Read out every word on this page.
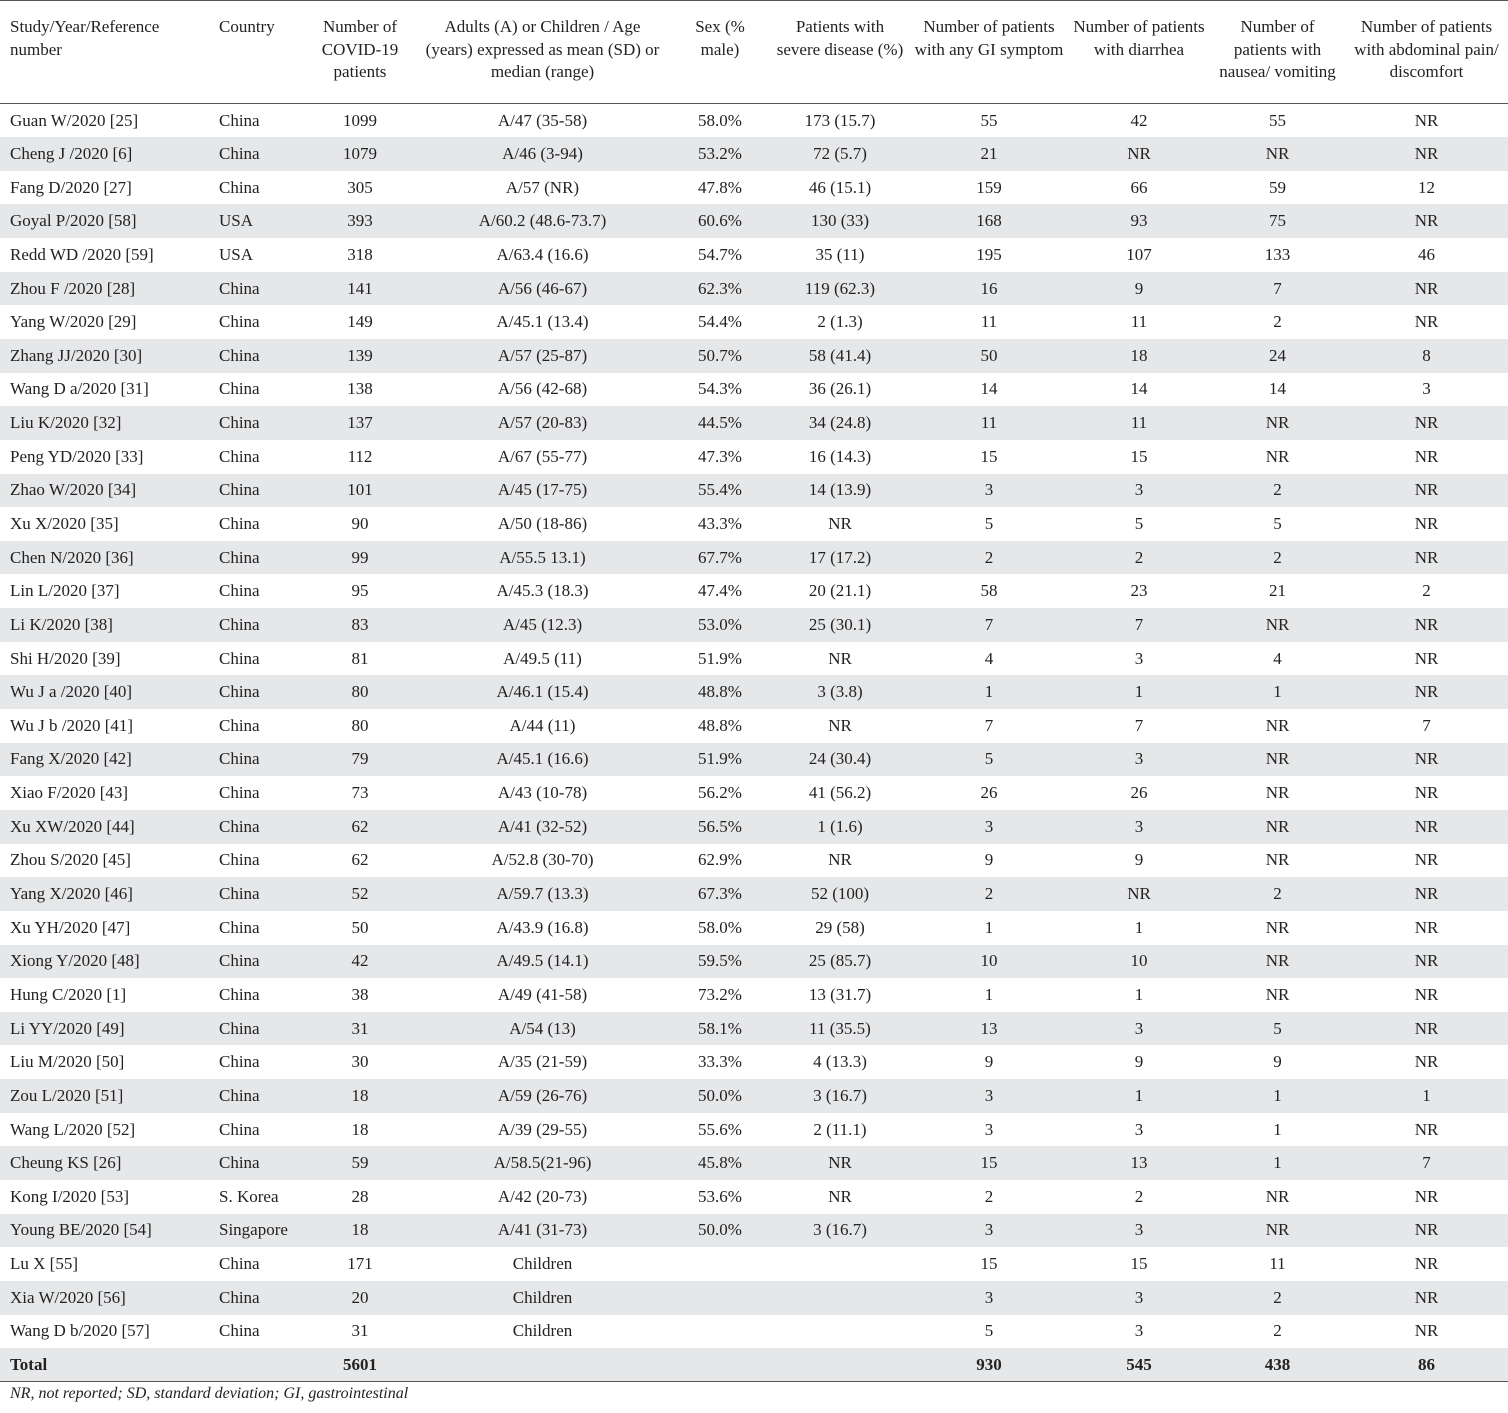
Study/Year/Reference number	Country	Number of COVID-19 patients	Adults (A) or Children / Age (years) expressed as mean (SD) or median (range)	Sex (% male)	Patients with severe disease (%)	Number of patients with any GI symptom	Number of patients with diarrhea	Number of patients with nausea/ vomiting	Number of patients with abdominal pain/ discomfort
Guan W/2020 [25]	China	1099	A/47 (35-58)	58.0%	173 (15.7)	55	42	55	NR
Cheng J /2020 [6]	China	1079	A/46 (3-94)	53.2%	72 (5.7)	21	NR	NR	NR
Fang D/2020 [27]	China	305	A/57 (NR)	47.8%	46 (15.1)	159	66	59	12
Goyal P/2020 [58]	USA	393	A/60.2 (48.6-73.7)	60.6%	130 (33)	168	93	75	NR
Redd WD /2020 [59]	USA	318	A/63.4 (16.6)	54.7%	35 (11)	195	107	133	46
Zhou F /2020 [28]	China	141	A/56 (46-67)	62.3%	119 (62.3)	16	9	7	NR
Yang W/2020 [29]	China	149	A/45.1 (13.4)	54.4%	2 (1.3)	11	11	2	NR
Zhang JJ/2020 [30]	China	139	A/57 (25-87)	50.7%	58 (41.4)	50	18	24	8
Wang D a/2020 [31]	China	138	A/56 (42-68)	54.3%	36 (26.1)	14	14	14	3
Liu K/2020 [32]	China	137	A/57 (20-83)	44.5%	34 (24.8)	11	11	NR	NR
Peng YD/2020 [33]	China	112	A/67 (55-77)	47.3%	16 (14.3)	15	15	NR	NR
Zhao W/2020 [34]	China	101	A/45 (17-75)	55.4%	14 (13.9)	3	3	2	NR
Xu X/2020 [35]	China	90	A/50 (18-86)	43.3%	NR	5	5	5	NR
Chen N/2020 [36]	China	99	A/55.5 13.1)	67.7%	17 (17.2)	2	2	2	NR
Lin L/2020 [37]	China	95	A/45.3 (18.3)	47.4%	20 (21.1)	58	23	21	2
Li K/2020 [38]	China	83	A/45 (12.3)	53.0%	25 (30.1)	7	7	NR	NR
Shi H/2020 [39]	China	81	A/49.5 (11)	51.9%	NR	4	3	4	NR
Wu J a /2020 [40]	China	80	A/46.1 (15.4)	48.8%	3 (3.8)	1	1	1	NR
Wu J b /2020 [41]	China	80	A/44 (11)	48.8%	NR	7	7	NR	7
Fang X/2020 [42]	China	79	A/45.1 (16.6)	51.9%	24 (30.4)	5	3	NR	NR
Xiao F/2020 [43]	China	73	A/43 (10-78)	56.2%	41 (56.2)	26	26	NR	NR
Xu XW/2020 [44]	China	62	A/41 (32-52)	56.5%	1 (1.6)	3	3	NR	NR
Zhou S/2020 [45]	China	62	A/52.8 (30-70)	62.9%	NR	9	9	NR	NR
Yang X/2020 [46]	China	52	A/59.7 (13.3)	67.3%	52 (100)	2	NR	2	NR
Xu YH/2020 [47]	China	50	A/43.9 (16.8)	58.0%	29 (58)	1	1	NR	NR
Xiong Y/2020 [48]	China	42	A/49.5 (14.1)	59.5%	25 (85.7)	10	10	NR	NR
Hung C/2020 [1]	China	38	A/49 (41-58)	73.2%	13 (31.7)	1	1	NR	NR
Li YY/2020 [49]	China	31	A/54 (13)	58.1%	11 (35.5)	13	3	5	NR
Liu M/2020 [50]	China	30	A/35 (21-59)	33.3%	4 (13.3)	9	9	9	NR
Zou L/2020 [51]	China	18	A/59 (26-76)	50.0%	3 (16.7)	3	1	1	1
Wang L/2020 [52]	China	18	A/39 (29-55)	55.6%	2 (11.1)	3	3	1	NR
Cheung KS [26]	China	59	A/58.5(21-96)	45.8%	NR	15	13	1	7
Kong I/2020 [53]	S. Korea	28	A/42 (20-73)	53.6%	NR	2	2	NR	NR
Young BE/2020 [54]	Singapore	18	A/41 (31-73)	50.0%	3 (16.7)	3	3	NR	NR
Lu X [55]	China	171	Children			15	15	11	NR
Xia W/2020 [56]	China	20	Children			3	3	2	NR
Wang D b/2020 [57]	China	31	Children			5	3	2	NR
Total		5601				930	545	438	86
NR, not reported; SD, standard deviation; GI, gastrointestinal
